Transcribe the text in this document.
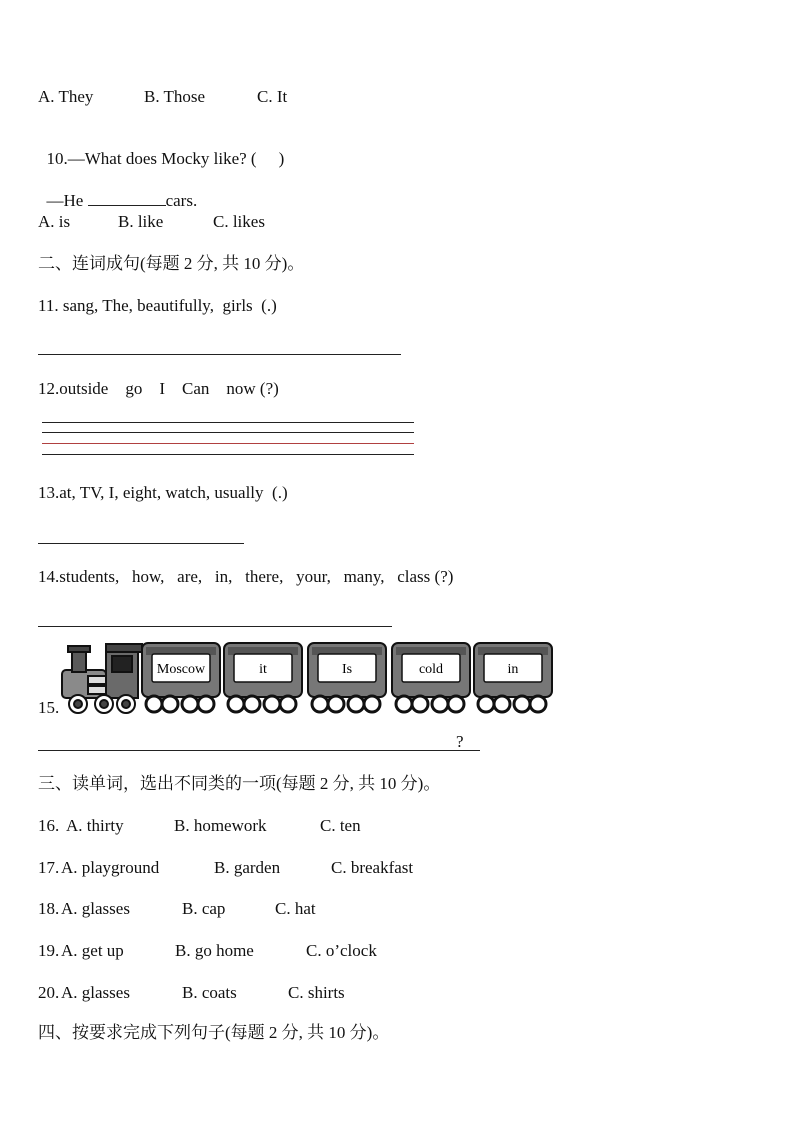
A. They	B. Those	C. It

10.—What does Mocky like? ( )

—He	cars.

A. is	B. like	C. likes
二、连词成句(每题 2 分, 共 10 分)。
11. sang, The, beautifully,  girls  (.)
12.outside    go    I    Can    now (?)
13.at, TV, I, eight, watch, usually  (.)
14.students,   how,   are,   in,   there,   your,   many,   class (?)
15.
Moscow	it	Is	cold	in
?
三、读单词，选出不同类的一项(每题 2 分, 共 10 分)。
16. A. thirty	B. homework	C. ten
17. A. playground	B. garden	C. breakfast
18. A. glasses	B. cap	C. hat
19. A. get up	B. go home	C. o’clock
20. A. glasses	B. coats	C. shirts
四、按要求完成下列句子(每题 2 分, 共 10 分)。
